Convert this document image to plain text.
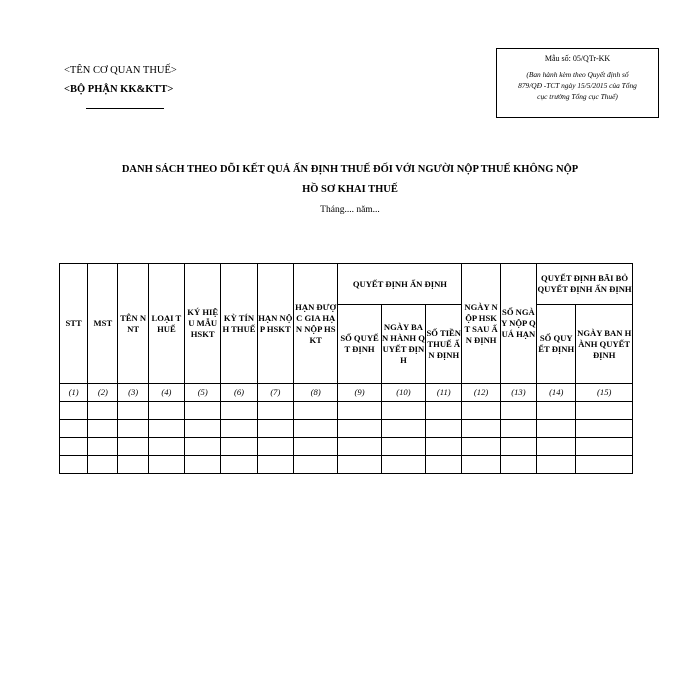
<TÊN CƠ QUAN THUẾ>
<BỘ PHẬN KK&KTT>
Mẫu số: 05/QTr-KK
(Ban hành kèm theo Quyết định số
879/QĐ -TCT ngày 15/5/2015 của Tổng
cục trưởng Tổng cục Thuế)
DANH SÁCH THEO DÕI KẾT QUẢ ẤN ĐỊNH THUẾ ĐỐI VỚI NGƯỜI NỘP THUẾ KHÔNG NỘP
HỒ SƠ KHAI THUẾ
Tháng.... năm...
STT	MST	TÊN NNT	LOẠI THUẾ	KÝ HIỆU MẪU HSKT	KỲ TÍNH THUẾ	HẠN NỘP HSKT	HẠN ĐƯỢC GIA HẠN NỘP HSKT	QUYẾT ĐỊNH ẤN ĐỊNH			NGÀY NỘP HSKT SAU ẤN ĐỊNH	SỐ NGÀY NỘP QUÁ HẠN	QUYẾT ĐỊNH BÃI BỎ QUYẾT ĐỊNH ẤN ĐỊNH	
								SỐ QUYẾT ĐỊNH	NGÀY BAN HÀNH QUYẾT ĐỊNH	SỐ TIỀN THUẾ ẤN ĐỊNH			SỐ QUYẾT ĐỊNH	NGÀY BAN HÀNH QUYẾT ĐỊNH
(1)	(2)	(3)	(4)	(5)	(6)	(7)	(8)	(9)	(10)	(11)	(12)	(13)	(14)	(15)
